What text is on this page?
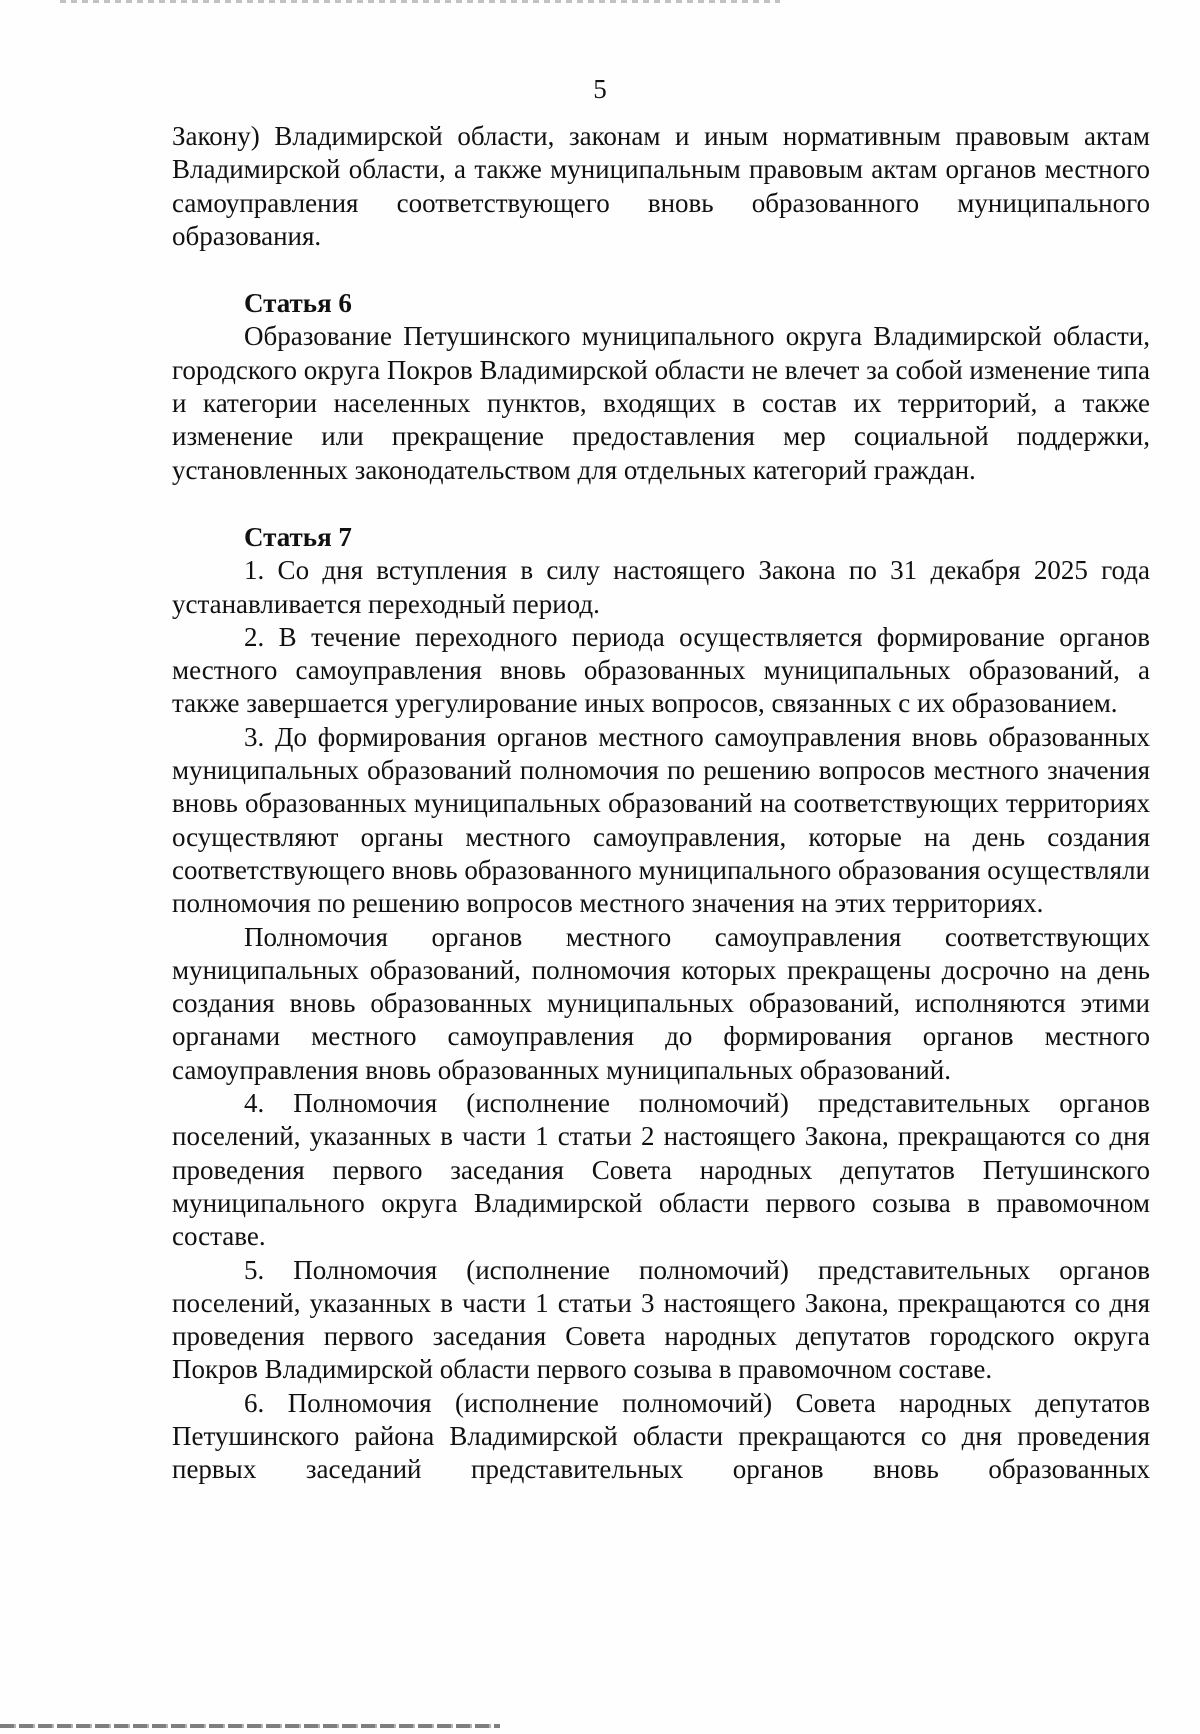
5

Закону) Владимирской области, законам и иным нормативным правовым актам Владимирской области, а также муниципальным правовым актам органов местного самоуправления соответствующего вновь образованного муниципального образования.

Статья 6

Образование Петушинского муниципального округа Владимирской области, городского округа Покров Владимирской области не влечет за собой изменение типа и категории населенных пунктов, входящих в состав их территорий, а также изменение или прекращение предоставления мер социальной поддержки, установленных законодательством для отдельных категорий граждан.

Статья 7

1. Со дня вступления в силу настоящего Закона по 31 декабря 2025 года устанавливается переходный период.

2. В течение переходного периода осуществляется формирование органов местного самоуправления вновь образованных муниципальных образований, а также завершается урегулирование иных вопросов, связанных с их образованием.

3. До формирования органов местного самоуправления вновь образованных муниципальных образований полномочия по решению вопросов местного значения вновь образованных муниципальных образований на соответствующих территориях осуществляют органы местного самоуправления, которые на день создания соответствующего вновь образованного муниципального образования осуществляли полномочия по решению вопросов местного значения на этих территориях.

Полномочия органов местного самоуправления соответствующих муниципальных образований, полномочия которых прекращены досрочно на день создания вновь образованных муниципальных образований, исполняются этими органами местного самоуправления до формирования органов местного самоуправления вновь образованных муниципальных образований.

4. Полномочия (исполнение полномочий) представительных органов поселений, указанных в части 1 статьи 2 настоящего Закона, прекращаются со дня проведения первого заседания Совета народных депутатов Петушинского муниципального округа Владимирской области первого созыва в правомочном составе.

5. Полномочия (исполнение полномочий) представительных органов поселений, указанных в части 1 статьи 3 настоящего Закона, прекращаются со дня проведения первого заседания Совета народных депутатов городского округа Покров Владимирской области первого созыва в правомочном составе.

6. Полномочия (исполнение полномочий) Совета народных депутатов Петушинского района Владимирской области прекращаются со дня проведения первых заседаний представительных органов вновь образованных
